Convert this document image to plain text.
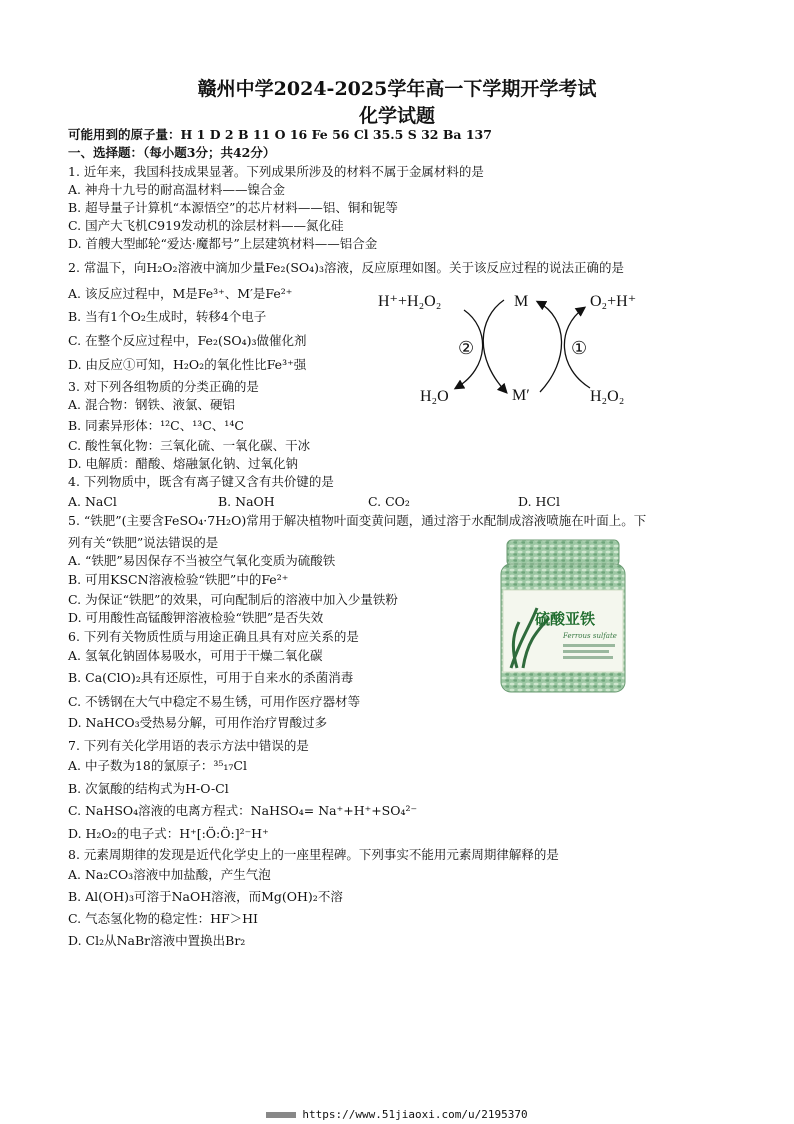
赣州中学2024-2025学年高一下学期开学考试
化学试题
可能用到的原子量：H 1 D 2 B 11 O 16 Fe 56 Cl 35.5 S 32 Ba 137
一、选择题：（每小题3分；共42分）
1. 近年来，我国科技成果显著。下列成果所涉及的材料不属于金属材料的是
A. 神舟十九号的耐高温材料——镍合金
B. 超导量子计算机“本源悟空”的芯片材料——铝、铜和铌等
C. 国产大飞机C919发动机的涂层材料——氮化硅
D. 首艘大型邮轮“爱达·魔都号”上层建筑材料——铝合金
2. 常温下，向H₂O₂溶液中滴加少量Fe₂(SO₄)₃溶液，反应原理如图。关于该反应过程的说法正确的是
A. 该反应过程中，M是Fe³⁺、M′是Fe²⁺
B. 当有1个O₂生成时，转移4个电子
C. 在整个反应过程中，Fe₂(SO₄)₃做催化剂
D. 由反应①可知，H₂O₂的氧化性比Fe³⁺强
H⁺+H₂O₂	M	O₂+H⁺
②	①
H₂O	M′	H₂O₂
3. 对下列各组物质的分类正确的是
A. 混合物：钢铁、液氯、硬铝
B. 同素异形体：¹²C、¹³C、¹⁴C
C. 酸性氧化物：三氧化硫、一氧化碳、干冰
D. 电解质：醋酸、熔融氯化钠、过氧化钠
4. 下列物质中，既含有离子键又含有共价键的是
A. NaCl	B. NaOH	C. CO₂	D. HCl
5. “铁肥”(主要含FeSO₄·7H₂O)常用于解决植物叶面变黄问题，通过溶于水配制成溶液喷施在叶面上。下
列有关“铁肥”说法错误的是
A. “铁肥”易因保存不当被空气氧化变质为硫酸铁
B. 可用KSCN溶液检验“铁肥”中的Fe²⁺
C. 为保证“铁肥”的效果，可向配制后的溶液中加入少量铁粉
D. 可用酸性高锰酸钾溶液检验“铁肥”是否失效	硫酸亚铁
Ferrous sulfate
6. 下列有关物质性质与用途正确且具有对应关系的是
A. 氢氧化钠固体易吸水，可用于干燥二氧化碳
B. Ca(ClO)₂具有还原性，可用于自来水的杀菌消毒
C. 不锈钢在大气中稳定不易生锈，可用作医疗器材等
D. NaHCO₃受热易分解，可用作治疗胃酸过多
7. 下列有关化学用语的表示方法中错误的是
A. 中子数为18的氯原子：³⁵₁₇Cl
B. 次氯酸的结构式为H-O-Cl
C. NaHSO₄溶液的电离方程式：NaHSO₄= Na⁺+H⁺+SO₄²⁻
D. H₂O₂的电子式：H⁺[:Ö:Ö:]²⁻H⁺
8. 元素周期律的发现是近代化学史上的一座里程碑。下列事实不能用元素周期律解释的是
A. Na₂CO₃溶液中加盐酸，产生气泡
B. Al(OH)₃可溶于NaOH溶液，而Mg(OH)₂不溶
C. 气态氢化物的稳定性：HF＞HI
D. Cl₂从NaBr溶液中置换出Br₂
https://www.51jiaoxi.com/u/2195370
